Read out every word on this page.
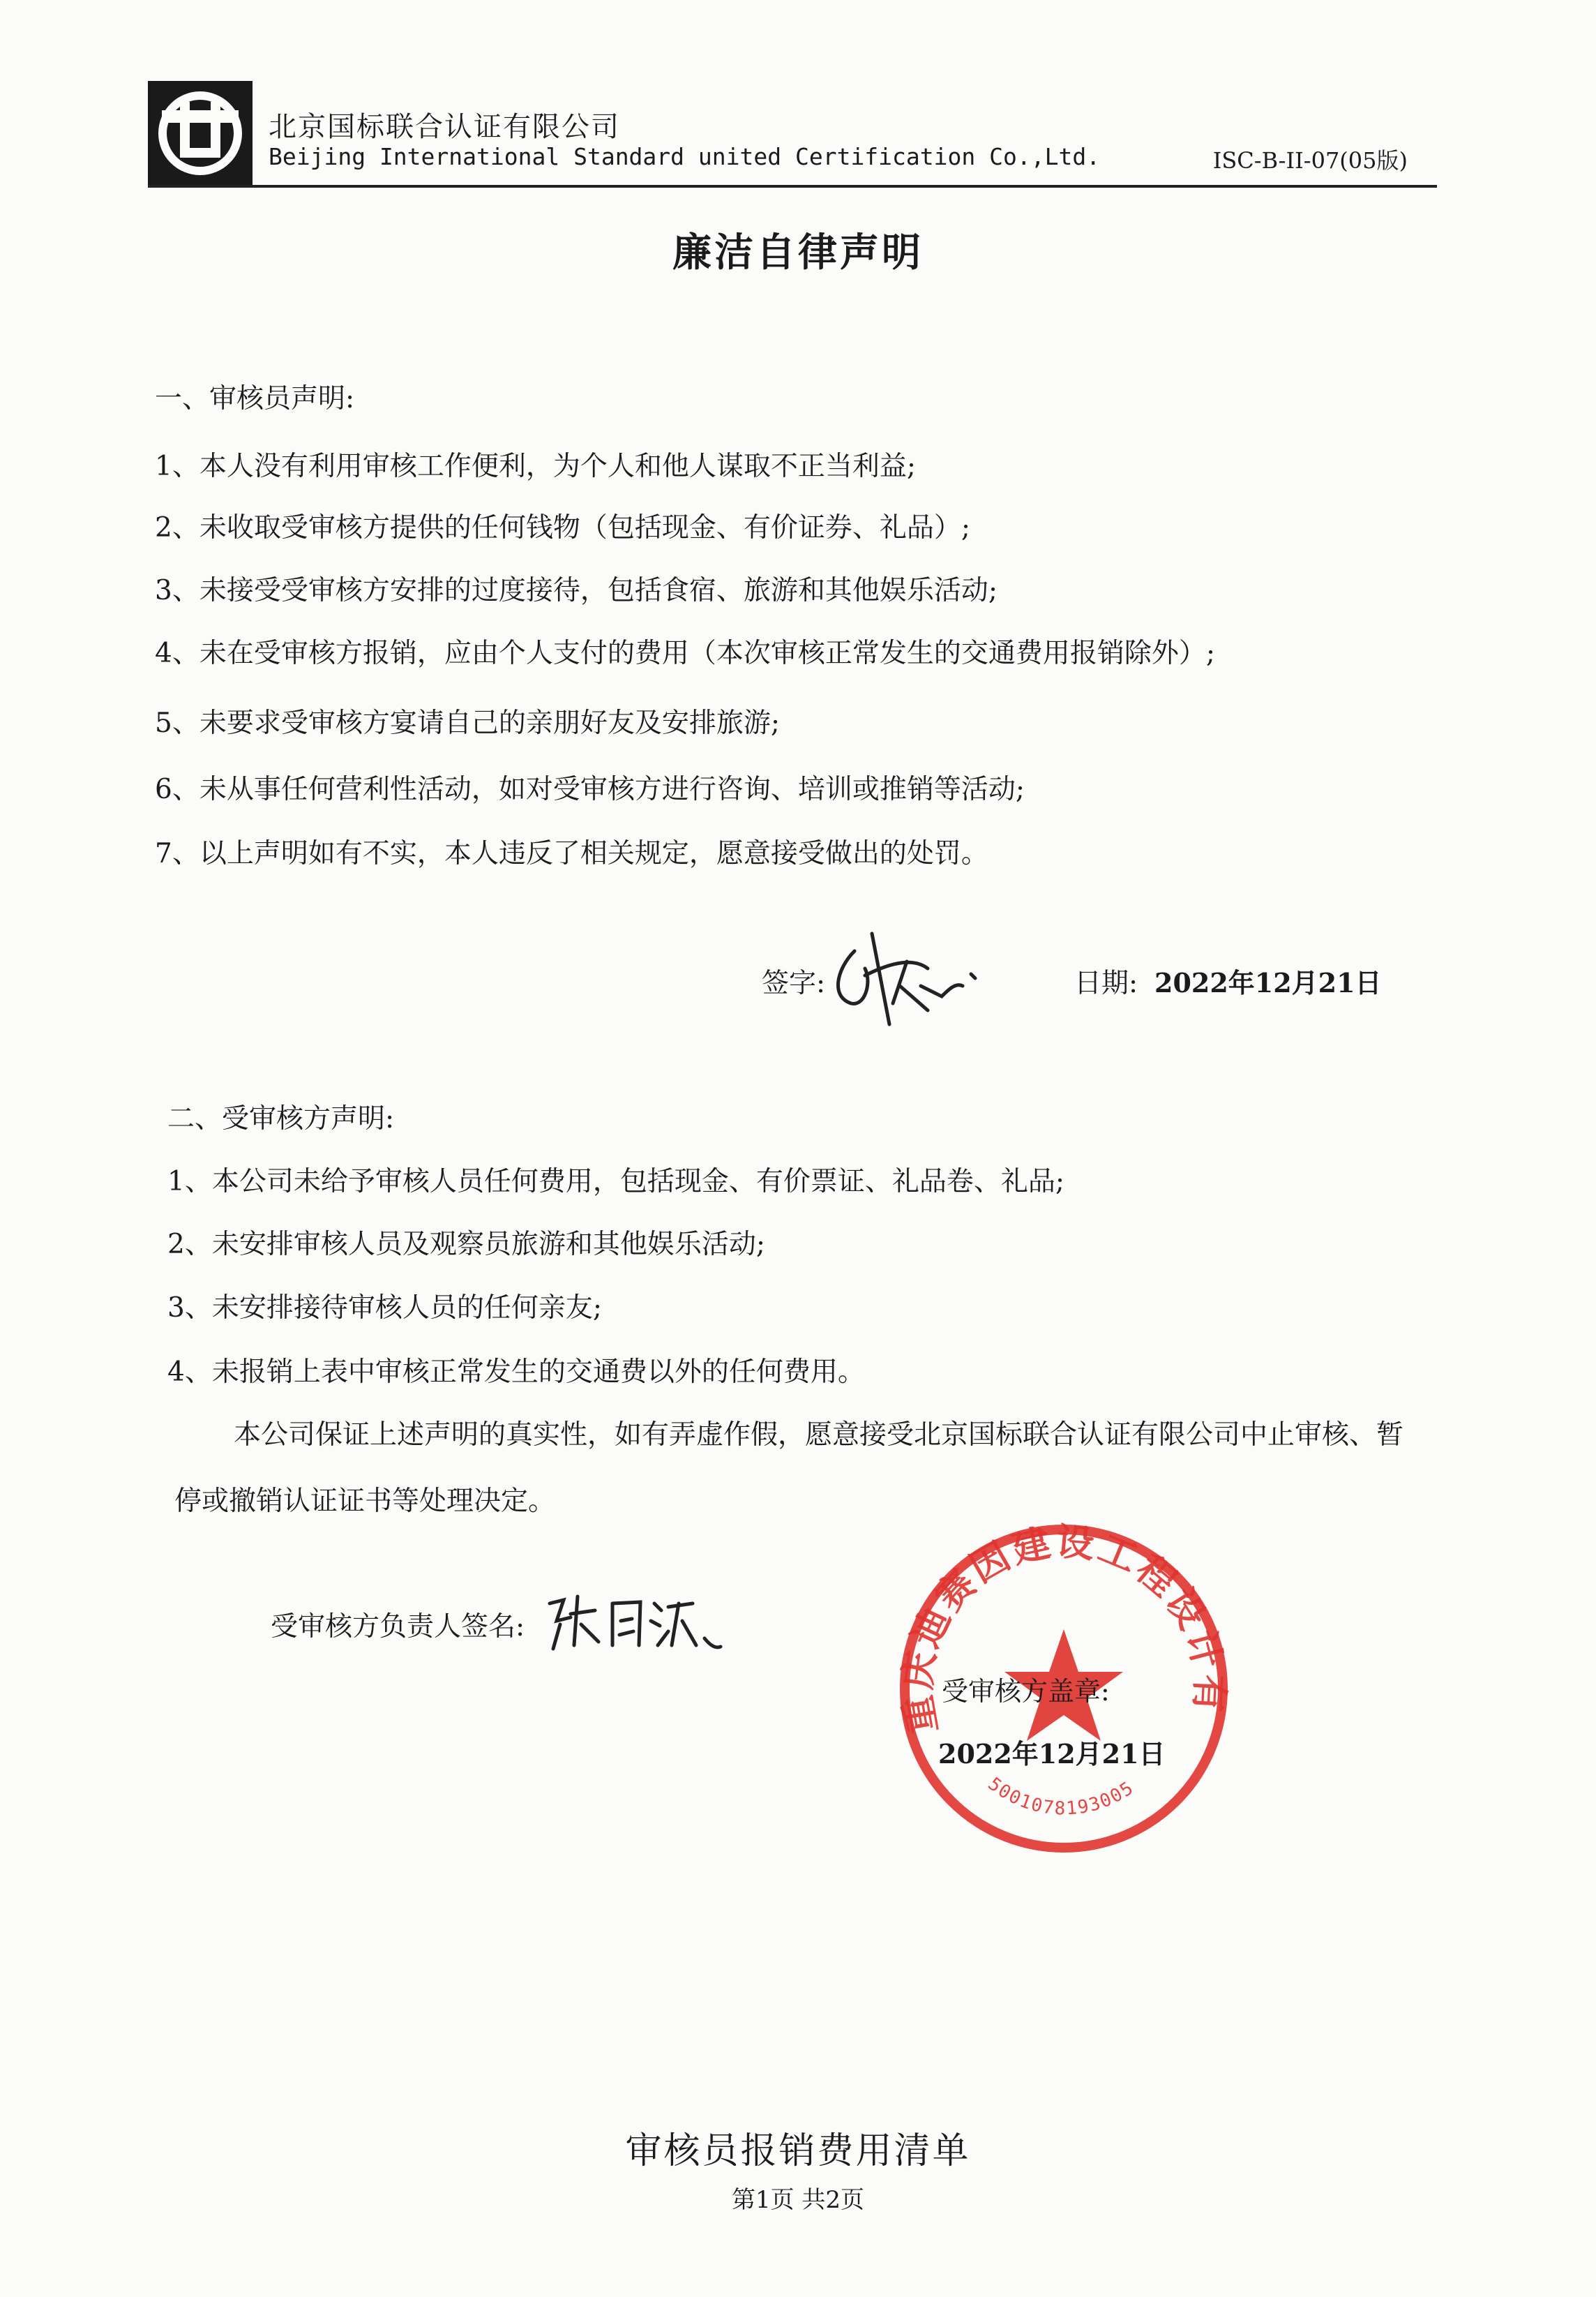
北京国标联合认证有限公司
Beijing International Standard united Certification Co.,Ltd.	ISC-B-II-07(05版)
廉洁自律声明
一、审核员声明:
1、本人没有利用审核工作便利，为个人和他人谋取不正当利益;
2、未收取受审核方提供的任何钱物（包括现金、有价证券、礼品）;
3、未接受受审核方安排的过度接待，包括食宿、旅游和其他娱乐活动;
4、未在受审核方报销，应由个人支付的费用（本次审核正常发生的交通费用报销除外）;
5、未要求受审核方宴请自己的亲朋好友及安排旅游;
6、未从事任何营利性活动，如对受审核方进行咨询、培训或推销等活动;
7、以上声明如有不实，本人违反了相关规定，愿意接受做出的处罚。
签字:	日期: 2022年12月21日
二、受审核方声明:
1、本公司未给予审核人员任何费用，包括现金、有价票证、礼品卷、礼品;
2、未安排审核人员及观察员旅游和其他娱乐活动;
3、未安排接待审核人员的任何亲友;
4、未报销上表中审核正常发生的交通费以外的任何费用。
本公司保证上述声明的真实性，如有弄虚作假，愿意接受北京国标联合认证有限公司中止审核、暂
停或撤销认证证书等处理决定。
受审核方负责人签名:
重庆迪赛因建设工程设计有
5001078193005
受审核方盖章:
2022年12月21日
审核员报销费用清单
第1页 共2页
